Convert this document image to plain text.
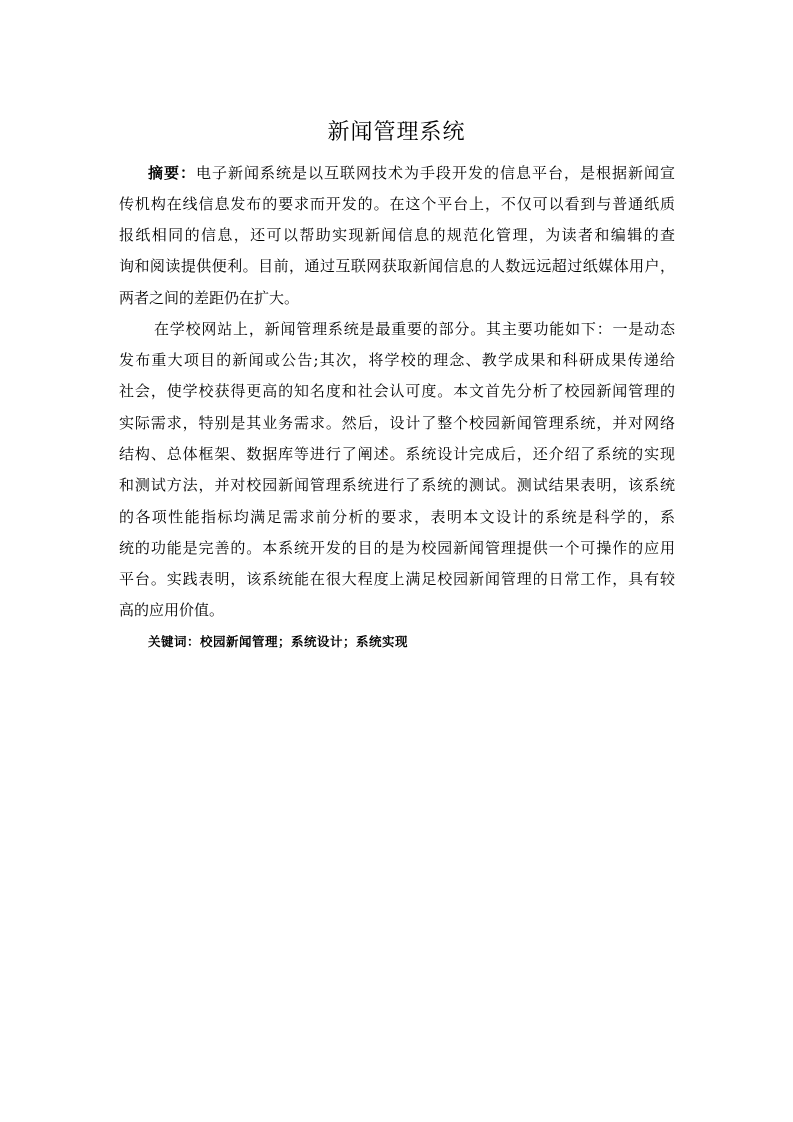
新闻管理系统
摘要：电子新闻系统是以互联网技术为手段开发的信息平台，是根据新闻宣
传机构在线信息发布的要求而开发的。在这个平台上，不仅可以看到与普通纸质
报纸相同的信息，还可以帮助实现新闻信息的规范化管理，为读者和编辑的查
询和阅读提供便利。目前，通过互联网获取新闻信息的人数远远超过纸媒体用户，
两者之间的差距仍在扩大。
在学校网站上，新闻管理系统是最重要的部分。其主要功能如下：一是动态
发布重大项目的新闻或公告;其次，将学校的理念、教学成果和科研成果传递给
社会，使学校获得更高的知名度和社会认可度。本文首先分析了校园新闻管理的
实际需求，特别是其业务需求。然后，设计了整个校园新闻管理系统，并对网络
结构、总体框架、数据库等进行了阐述。系统设计完成后，还介绍了系统的实现
和测试方法，并对校园新闻管理系统进行了系统的测试。测试结果表明，该系统
的各项性能指标均满足需求前分析的要求，表明本文设计的系统是科学的，系
统的功能是完善的。本系统开发的目的是为校园新闻管理提供一个可操作的应用
平台。实践表明，该系统能在很大程度上满足校园新闻管理的日常工作，具有较
高的应用价值。
关键词：校园新闻管理；系统设计；系统实现
